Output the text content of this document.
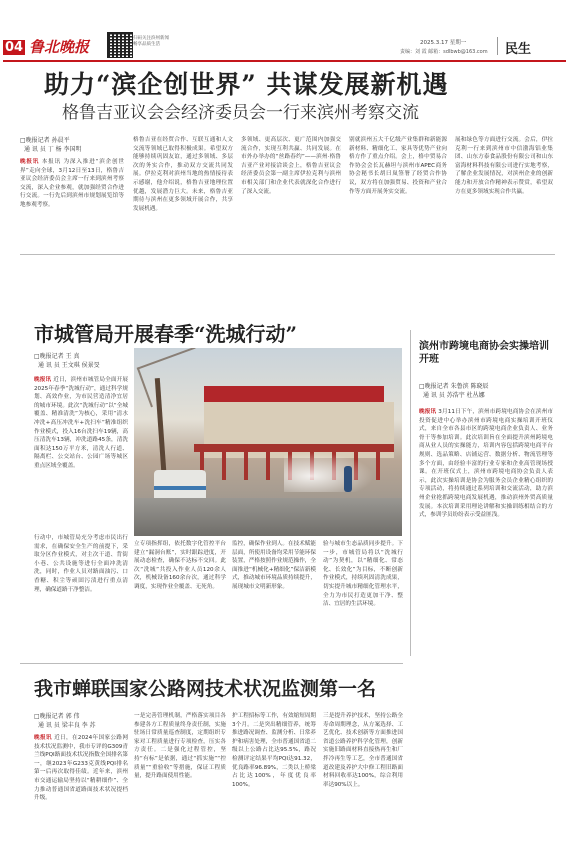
04 鲁北晚报	扫码关注滨州新闻 畅享品质生活	2025.3.17 星期一
责编：刘 霞 邮箱：sdlbwb@163.com 民生
助力“滨企创世界” 共谋发展新机遇
格鲁吉亚议会会经济委员会一行来滨州考察交流
□晚报记者 孙晨平
通 讯 员 丁 杨 李国明
晚报讯 本报讯 为深入推进“滨企创世界”走向全球，3月12日至13日，格鲁吉亚议会经济委员会主席一行来到滨州考察交流，深入企业参观，就加强经贸合作进行交流。一行先后到滨州市规划展览馆等地参观考察。
格鲁吉亚在经贸合作、互联互通和人文交流等领域已取得积极成果。希望双方能够持续巩固友谊，通过多领域、多层次的务实合作，推动双方交流共同发展。伊拉克利对滨州当地的热情接待表示感谢，他介绍说，格鲁吉亚地理位置优越，发展潜力巨大。未来，格鲁吉亚期待与滨州在更多领域开展合作，共享发展机遇。
多领域、更高层次、更广范围内加强交流合作，实现互利共赢、共同发展。在市外办举办的“丝路春约”——滨州·格鲁吉亚产业对接洽谈会上，格鲁吉亚议会经济委员会第一副主席伊拉克利与滨州市相关部门和企业代表就深化合作进行了深入交流。
别就滨州五大千亿级产业集群和新能源新材料、精细化工、家具等优势产业向格方作了重点介绍。会上，格中贸易合作协会会长瓦赫坦与滨州市APEC商务协会秘书长胡曰岚签署了经贸合作协议，双方将在加强贸易、投资和产业合作等方面开展务实交流。
展和绿色等方面进行交流。会后，伊拉克利一行来到滨州市中信渤海铝业集团、山东方泰食品股份有限公司和山东富海材料科技有限公司进行实地考察，了解企业发展情况，对滨州企业的创新能力和开放合作精神表示赞赏，希望双方在更多领域实现合作共赢。
市城管局开展春季“洗城行动”
□晚报记者 王 真
通 讯 员 王文琪 侯景旻
晚报讯 近日，滨州市城管局全面开展2025年春季“洗城行动”，通过科学规划、高效作业，为市民营造清净宜居的城市环境。此次“洗城行动”以“全城覆盖、精准清洗”为核心，采用“清水冲洗+高压冲洗车+洗扫车”精准组织作业模式，投入16台洗扫车19辆，高压清洗车13辆，冲洗道路45条，清洗面积达150万平方米，清洗人行道、隔离栏、公交站台、公园广场等城区重点区域全覆盖。
行动中，市城管局充分考虑市民出行需求，在确保安全生产的前提下，采取分区作业模式，对主次干道、背街小巷、公共设施等进行全面冲洗清洗，同时，作业人员对路面油污、口香糖、积尘等顽固污渍进行重点清理，确保道路干净整洁。
立专项指挥组，依托数字化管控平台建立“漏洞台账”，实时跟踪进度，开展动态检查，确保不达标不交回。此次“洗城”共投入作业人员120余人次，机械设备160余台次，通过科学调度，实现作业全覆盖、无死角。
监控，确保作业到人。在技术赋能层面，所使用设备均采用节能环保装置，严格按照作业规范操作，全面推进“机械化+精细化”保洁新模式，推动城市环境品质持续提升，展现城市文明新形象。
验与城市生态品质同步提升。下一步，市城管局将以“洗城行动”为契机，以“精细化、常态化、长效化”为目标，不断创新作业模式，持续巩固清洗成果，切实提升城市精细化管理水平，全力为市民打造更加干净、整洁、宜居的生活环境。
滨州市跨境电商协会实操培训开班
□晚报记者 朱鲁滨 陈晓辰
通 讯 员 苏浩宇 杜丛娜
晚报讯 3月11日下午，滨州市跨境电商协会在滨州市投资促进中心举办滨州市跨境电商实操培训开班仪式，来自全市各县市区的跨境电商企业负责人、业务骨干等参加培训。此次培训旨在全面提升滨州跨境电商从业人员的实操能力，培训内容包括跨境电商平台规则、选品策略、店铺运营、数据分析、物流管理等多个方面，由经验丰富的行业专家和企业高管现场授课。在开班仪式上，滨州市跨境电商协会负责人表示，此次实操培训是协会为服务会员企业精心组织的专项活动，将持续通过系列培训和交流活动，助力滨州企业抢抓跨境电商发展机遇，推动滨州外贸高质量发展。本次培训采用理论讲解和实操训练相结合的方式，参训学员纷纷表示受益匪浅。
我市蝉联国家公路网技术状况监测第一名
□晚报记者 郭 伟
通 讯 员 梁丰良 李 苏
晚报讯 近日，在2024年国家公路网技术状况监测中，我市专评的G309青兰线PQI路面技术状况指数全国排名第一，继2023年G233克黄线PQI排名第一后再次取得佳绩。近年来，滨州市交通运输局坚持以“精耕细作”、全力推动普通国省道路面技术状况提档升级。
一是完善管理机制，严格落实项目各参建各方工程质量终身责任制，实施驻场日常质量巡查制度，定期组织专家对工程质量进行专项检查，压实各方责任。二是强化过程管控，坚持“有标”是依据，通过“抓实施”“控质量”“重验收”等措施，保证工程质量，提升路面使用性能。
护工程招标等工作，有效缩短周期3个月。二是突出精细管养，统筹推进路况调查、监测分析、日常养护和病害处理，全市普通国省道二级以上公路占比达95.5%，路况检测评定结果平均PQI达91.32，优良路率96.89%，二类以上桥梁占比达100%，年度优良率100%。
三是提升养护技术，坚持公路全寿命周期理念，从方案选择、工艺优化、技术创新等方面推进国省道公路养护科学化管理，创新实施旧路面材料直接热再生和厂拌冷再生等工艺，全市普通国省道改建及养护大中修工程旧路面材料回收率达100%，综合利用率达90%以上。
